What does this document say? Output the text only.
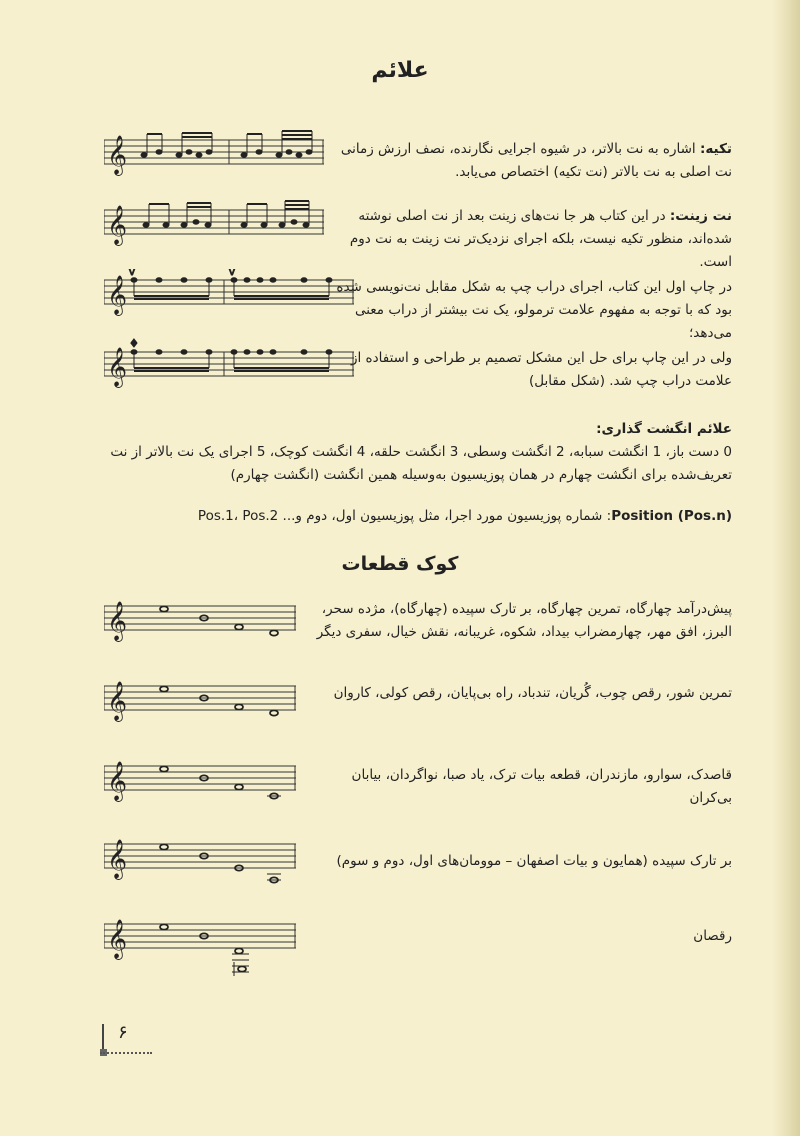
علائم
تکیه: اشاره به نت بالاتر، در شیوه اجرایی نگارنده، نصف ارزش زمانی نت اصلی به نت بالاتر (نت تکیه) اختصاص می‌یابد.
نت زینت: در این کتاب هر جا نت‌های زینت بعد از نت اصلی نوشته شده‌اند، منظور تکیه نیست، بلکه اجرای نزدیک‌تر نت زینت به نت دوم است.
در چاپ اول این کتاب، اجرای دراب چپ به شکل مقابل نت‌نویسی شده بود که با توجه به مفهوم علامت ترمولو، یک نت بیشتر از دراب معنی می‌دهد؛
ولی در این چاپ برای حل این مشکل تصمیم بر طراحی و استفاده از علامت دراب چپ شد. (شکل مقابل)
𝄞
𝄞
𝄞
v	v
𝄞
♦
علائم انگشت گذاری:
0 دست باز، 1 انگشت سبابه، 2 انگشت وسطی، 3 انگشت حلقه، 4 انگشت کوچک، 5 اجرای یک نت بالاتر از نت تعریف‌شده برای انگشت چهارم در همان پوزیسیون به‌وسیله همین انگشت (انگشت چهارم)
Position (Pos.n): شماره پوزیسیون مورد اجرا، مثل پوزیسیون اول، دوم و... Pos.1، Pos.2
کوک قطعات
پیش‌درآمد چهارگاه، تمرین چهارگاه، بر تارک سپیده (چهارگاه)، مژده سحر، البرز، افق مهر، چهارمضراب بیداد، شکوه، غریبانه، نقش خیال، سفری دیگر
تمرین شور، رقص چوب، گُریان، تندباد، راه بی‌پایان، رقص کولی، کاروان
قاصدک، سوارو، مازندران، قطعه بیات ترک، یاد صبا، نواگردان، بیابان بی‌کران
بر تارک سپیده (همایون و بیات اصفهان – موومان‌های اول، دوم و سوم)
رقصان
𝄞
𝄞
𝄞
𝄞
𝄞
۶
